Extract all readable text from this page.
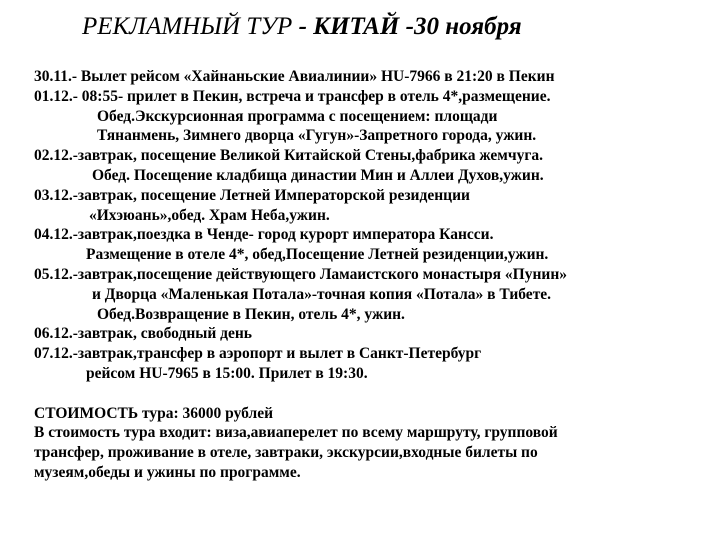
РЕКЛАМНЫЙ ТУР - КИТАЙ -30 ноября
30.11.- Вылет рейсом «Хайнаньские Авиалинии» HU-7966 в 21:20 в Пекин
01.12.- 08:55- прилет в Пекин, встреча и трансфер в отель 4*,размещение.
Обед.Экскурсионная программа с посещением: площади
Тянанмень, Зимнего дворца «Гугун»-Запретного города, ужин.
02.12.-завтрак, посещение Великой Китайской Стены,фабрика жемчуга.
Обед. Посещение кладбища династии Мин и Аллеи Духов,ужин.
03.12.-завтрак, посещение Летней Императорской резиденции
«Ихэюань»,обед. Храм Неба,ужин.
04.12.-завтрак,поездка в Ченде- город курорт императора Кансси.
Размещение в отеле 4*, обед,Посещение Летней резиденции,ужин.
05.12.-завтрак,посещение действующего Ламаистского монастыря «Пунин»
и Дворца «Маленькая Потала»-точная копия «Потала» в Тибете.
Обед.Возвращение в Пекин, отель 4*, ужин.
06.12.-завтрак, свободный день
07.12.-завтрак,трансфер в аэропорт и вылет в Санкт-Петербург
рейсом HU-7965 в 15:00. Прилет в 19:30.
СТОИМОСТЬ тура: 36000 рублей
В стоимость тура входит: виза,авиаперелет по всему маршруту, групповой
трансфер, проживание в отеле, завтраки, экскурсии,входные билеты по
музеям,обеды и ужины по программе.
